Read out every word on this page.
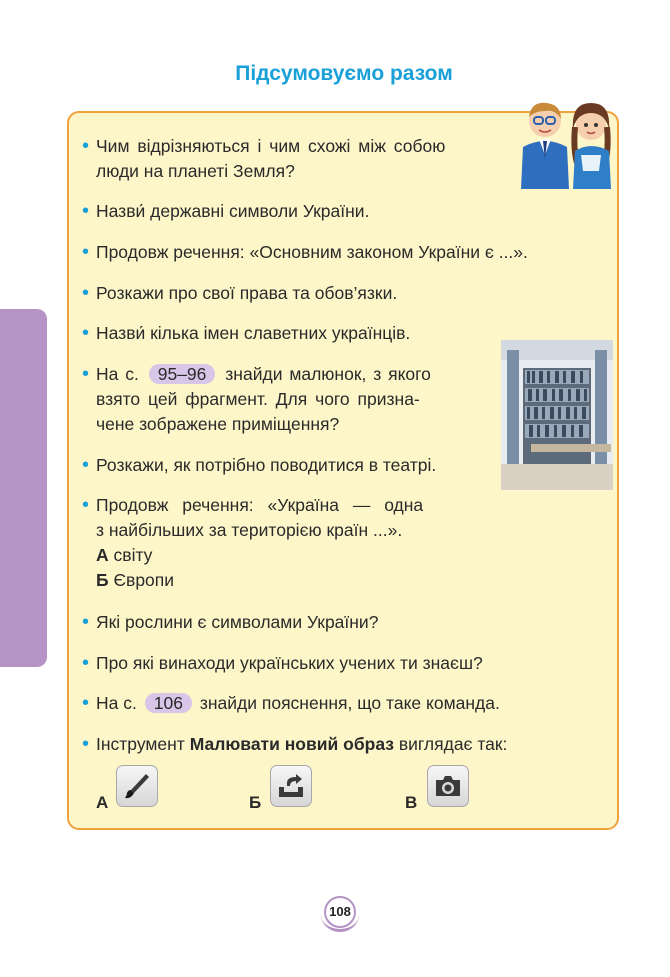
Підсумовуємо разом
• Чим відрізняються і чим схожі між собою
люди на планеті Земля?
• Назви́ державні символи України.
• Продовж речення: «Основним законом України є ...».
• Розкажи про свої права та обов’язки.
• Назви́ кілька імен славетних українців.
• На с. 95–96 знайди малюнок, з якого
взято цей фрагмент. Для чого призна-
чене зображене приміщення?
• Розкажи, як потрібно поводитися в театрі.
• Продовж речення: «Україна — одна
з найбільших за територією країн ...».
А світу
Б Європи
• Які рослини є символами України?
• Про які винаходи українських учених ти знаєш?
• На с. 106 знайди пояснення, що таке команда.
• Інструмент Малювати новий образ виглядає так:
А	Б	В
108
